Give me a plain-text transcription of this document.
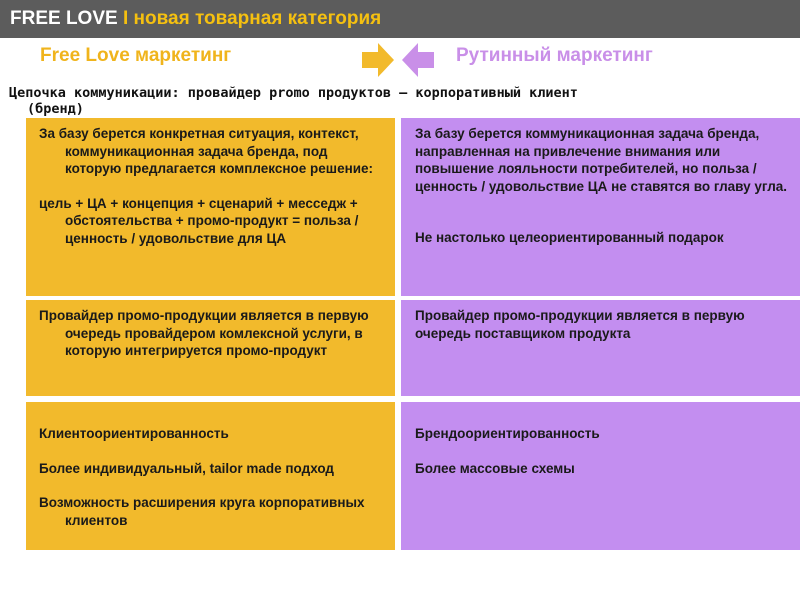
FREE LOVE I новая товарная категория
Free Love маркетинг	Рутинный маркетинг
Цепочка коммуникации: провайдер promo продуктов – корпоративный клиент
(бренд)

За базу берется конкретная ситуация, контекст, коммуникационная задача бренда, под которую предлагается комплексное решение:

цель + ЦА + концепция + сценарий + месседж + обстоятельства + промо-продукт = польза / ценность / удовольствие для ЦА

За базу берется коммуникационная задача бренда, направленная на привлечение внимания или повышение лояльности потребителей, но польза / ценность / удовольствие ЦА не ставятся во главу угла.

Не настолько целеориентированный подарок

Провайдер промо-продукции является в первую очередь провайдером комлексной услуги, в которую интегрируется промо-продукт

Провайдер промо-продукции является в первую очередь поставщиком продукта

Клиентоориентированность

Более индивидуальный, tailor made подход

Возможность расширения круга корпоративных клиентов

Брендоориентированность

Более массовые схемы
